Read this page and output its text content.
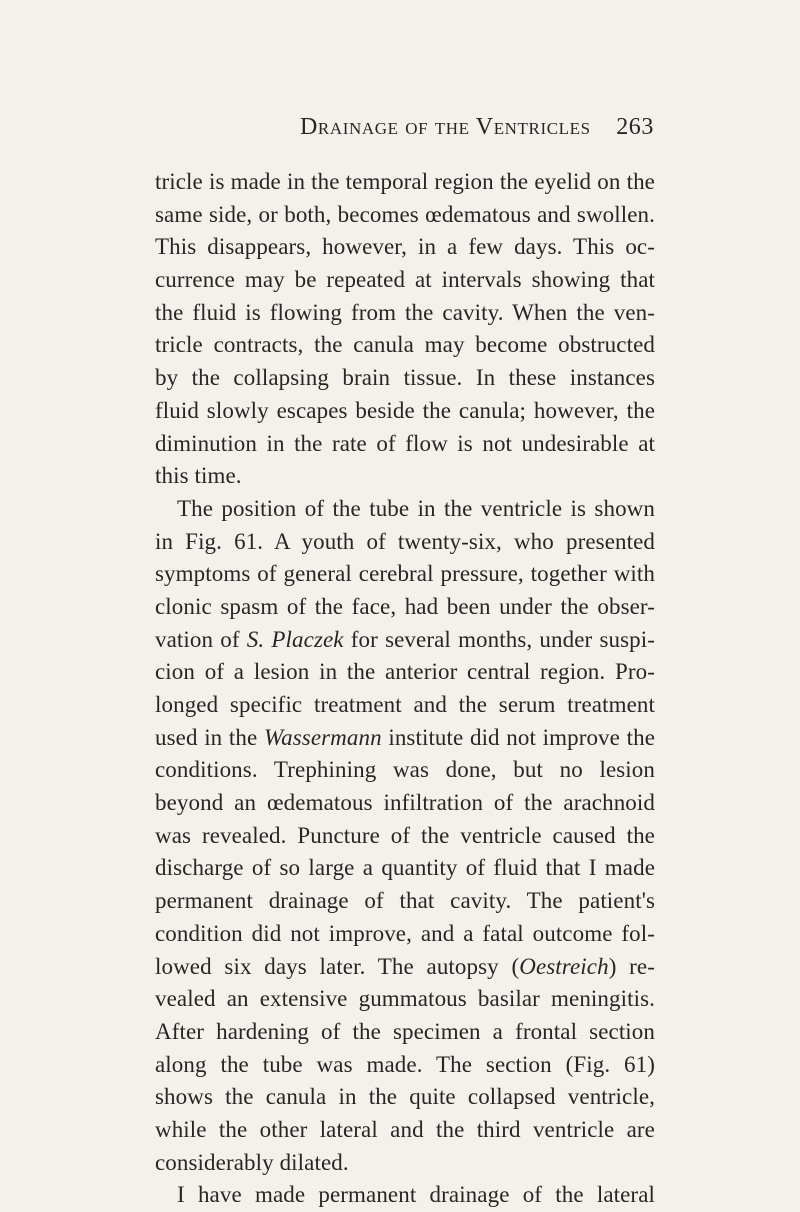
Drainage of the Ventricles 263
tricle is made in the temporal region the eyelid on the
same side, or both, becomes œdematous and swollen.
This disappears, however, in a few days. This oc-
currence may be repeated at intervals showing that
the fluid is flowing from the cavity. When the ven-
tricle contracts, the canula may become obstructed
by the collapsing brain tissue. In these instances
fluid slowly escapes beside the canula; however, the
diminution in the rate of flow is not undesirable at
this time.
The position of the tube in the ventricle is shown
in Fig. 61. A youth of twenty-six, who presented
symptoms of general cerebral pressure, together with
clonic spasm of the face, had been under the obser-
vation of S. Placzek for several months, under suspi-
cion of a lesion in the anterior central region. Pro-
longed specific treatment and the serum treatment
used in the Wassermann institute did not improve the
conditions. Trephining was done, but no lesion
beyond an œdematous infiltration of the arachnoid
was revealed. Puncture of the ventricle caused the
discharge of so large a quantity of fluid that I made
permanent drainage of that cavity. The patient's
condition did not improve, and a fatal outcome fol-
lowed six days later. The autopsy (Oestreich) re-
vealed an extensive gummatous basilar meningitis.
After hardening of the specimen a frontal section
along the tube was made. The section (Fig. 61)
shows the canula in the quite collapsed ventricle,
while the other lateral and the third ventricle are
considerably dilated.
I have made permanent drainage of the lateral
